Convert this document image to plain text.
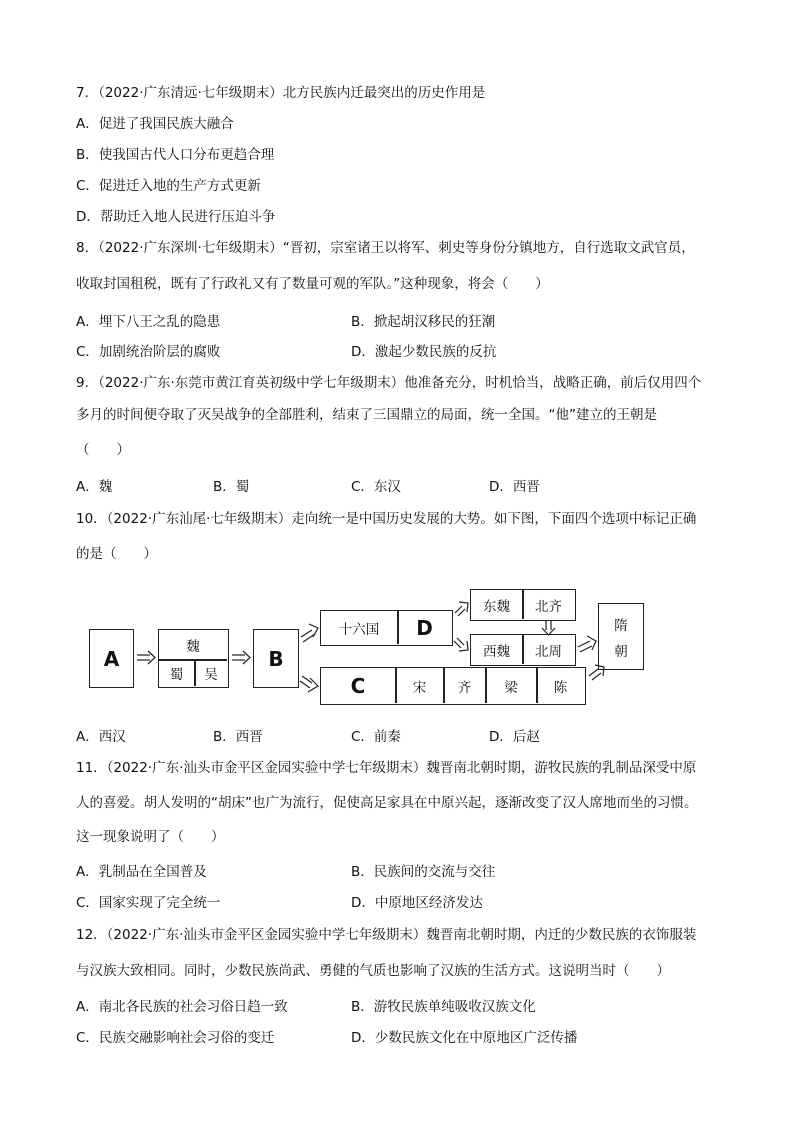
7．（2022·广东清远·七年级期末）北方民族内迁最突出的历史作用是
A．促进了我国民族大融合
B．使我国古代人口分布更趋合理
C．促进迁入地的生产方式更新
D．帮助迁入地人民进行压迫斗争
8．（2022·广东深圳·七年级期末）“晋初，宗室诸王以将军、刺史等身份分镇地方，自行选取文武官员，
收取封国租税，既有了行政礼又有了数量可观的军队。”这种现象，将会（　　）
A．埋下八王之乱的隐患	B．掀起胡汉移民的狂潮
C．加剧统治阶层的腐败	D．激起少数民族的反抗
9．（2022·广东·东莞市黄江育英初级中学七年级期末）他准备充分，时机恰当，战略正确，前后仅用四个
多月的时间便夺取了灭吴战争的全部胜利，结束了三国鼎立的局面，统一全国。“他”建立的王朝是
（　　）
A．魏	B．蜀	C．东汉	D．西晋
10．（2022·广东汕尾·七年级期末）走向统一是中国历史发展的大势。如下图，下面四个选项中标记正确
的是（　　）
A	魏
蜀	吴
B
十六国	D
C	宋	齐	梁	陈
东魏	北齐
西魏	北周
隋
朝
A．西汉	B．西晋	C．前秦	D．后赵
11．（2022·广东·汕头市金平区金园实验中学七年级期末）魏晋南北朝时期，游牧民族的乳制品深受中原
人的喜爱。胡人发明的“胡床”也广为流行，促使高足家具在中原兴起，逐渐改变了汉人席地而坐的习惯。
这一现象说明了（　　）
A．乳制品在全国普及	B．民族间的交流与交往
C．国家实现了完全统一	D．中原地区经济发达
12．（2022·广东·汕头市金平区金园实验中学七年级期末）魏晋南北朝时期，内迁的少数民族的衣饰服装
与汉族大致相同。同时，少数民族尚武、勇健的气质也影响了汉族的生活方式。这说明当时（　　）
A．南北各民族的社会习俗日趋一致	B．游牧民族单纯吸收汉族文化
C．民族交融影响社会习俗的变迁	D．少数民族文化在中原地区广泛传播
